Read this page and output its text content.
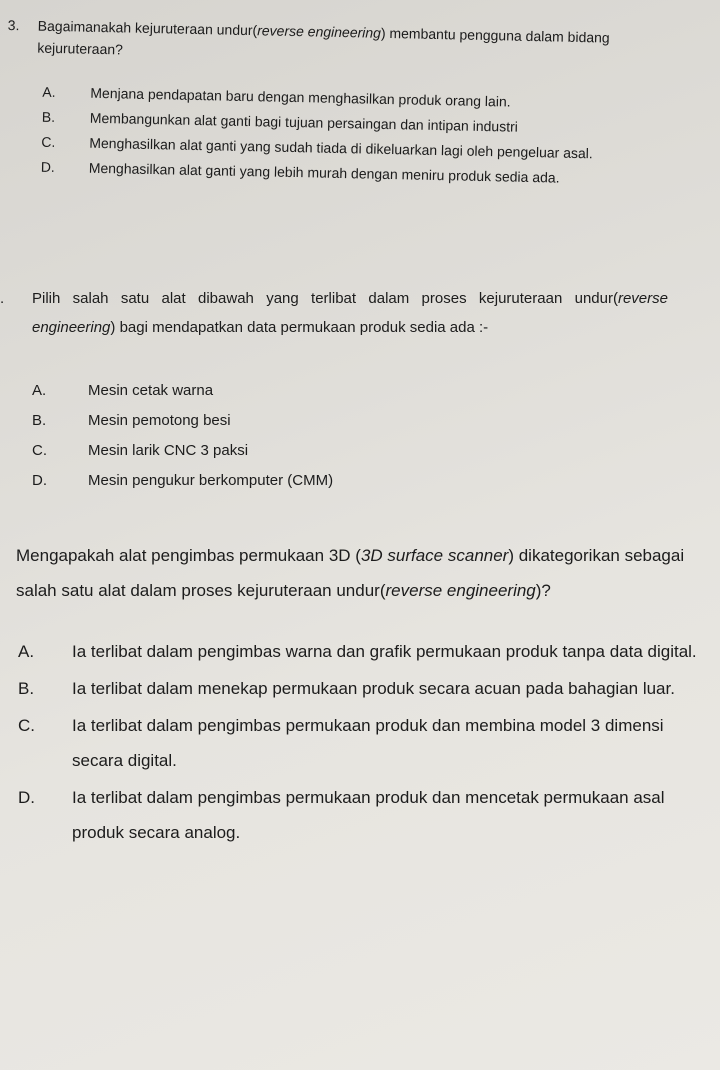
3. Bagaimanakah kejuruteraan undur(reverse engineering) membantu pengguna dalam bidang kejuruteraan?
A. Menjana pendapatan baru dengan menghasilkan produk orang lain.
B. Membangunkan alat ganti bagi tujuan persaingan dan intipan industri
C. Menghasilkan alat ganti yang sudah tiada di dikeluarkan lagi oleh pengeluar asal.
D. Menghasilkan alat ganti yang lebih murah dengan meniru produk sedia ada.
. Pilih salah satu alat dibawah yang terlibat dalam proses kejuruteraan undur(reverse engineering) bagi mendapatkan data permukaan produk sedia ada :-
A.	Mesin cetak warna
B.	Mesin pemotong besi
C.	Mesin larik CNC 3 paksi
D.	Mesin pengukur berkomputer (CMM)
Mengapakah alat pengimbas permukaan 3D (3D surface scanner) dikategorikan sebagai salah satu alat dalam proses kejuruteraan undur(reverse engineering)?
A. Ia terlibat dalam pengimbas warna dan grafik permukaan produk tanpa data digital.
B. Ia terlibat dalam menekap permukaan produk secara acuan pada bahagian luar.
C. Ia terlibat dalam pengimbas permukaan produk dan membina model 3 dimensi secara digital.
D. Ia terlibat dalam pengimbas permukaan produk dan mencetak permukaan asal produk secara analog.
